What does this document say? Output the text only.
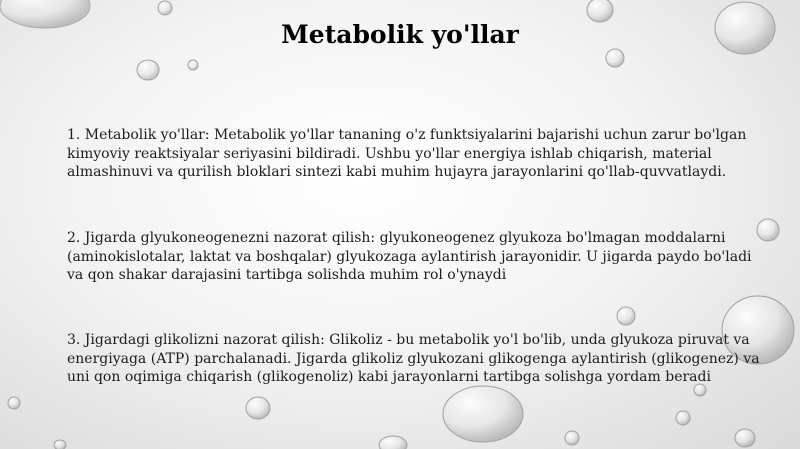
Metabolik yo'llar

1. Metabolik yo'llar: Metabolik yo'llar tananing o'z funktsiyalarini bajarishi uchun zarur bo'lgan kimyoviy reaktsiyalar seriyasini bildiradi. Ushbu yo'llar energiya ishlab chiqarish, material almashinuvi va qurilish bloklari sintezi kabi muhim hujayra jarayonlarini qo'llab-quvvatlaydi.

2. Jigarda glyukoneogenezni nazorat qilish: glyukoneogenez glyukoza bo'lmagan moddalarni (aminokislotalar, laktat va boshqalar) glyukozaga aylantirish jarayonidir. U jigarda paydo bo'ladi va qon shakar darajasini tartibga solishda muhim rol o'ynaydi

3. Jigardagi glikolizni nazorat qilish: Glikoliz - bu metabolik yo'l bo'lib, unda glyukoza piruvat va energiyaga (ATP) parchalanadi. Jigarda glikoliz glyukozani glikogenga aylantirish (glikogenez) va uni qon oqimiga chiqarish (glikogenoliz) kabi jarayonlarni tartibga solishga yordam beradi
